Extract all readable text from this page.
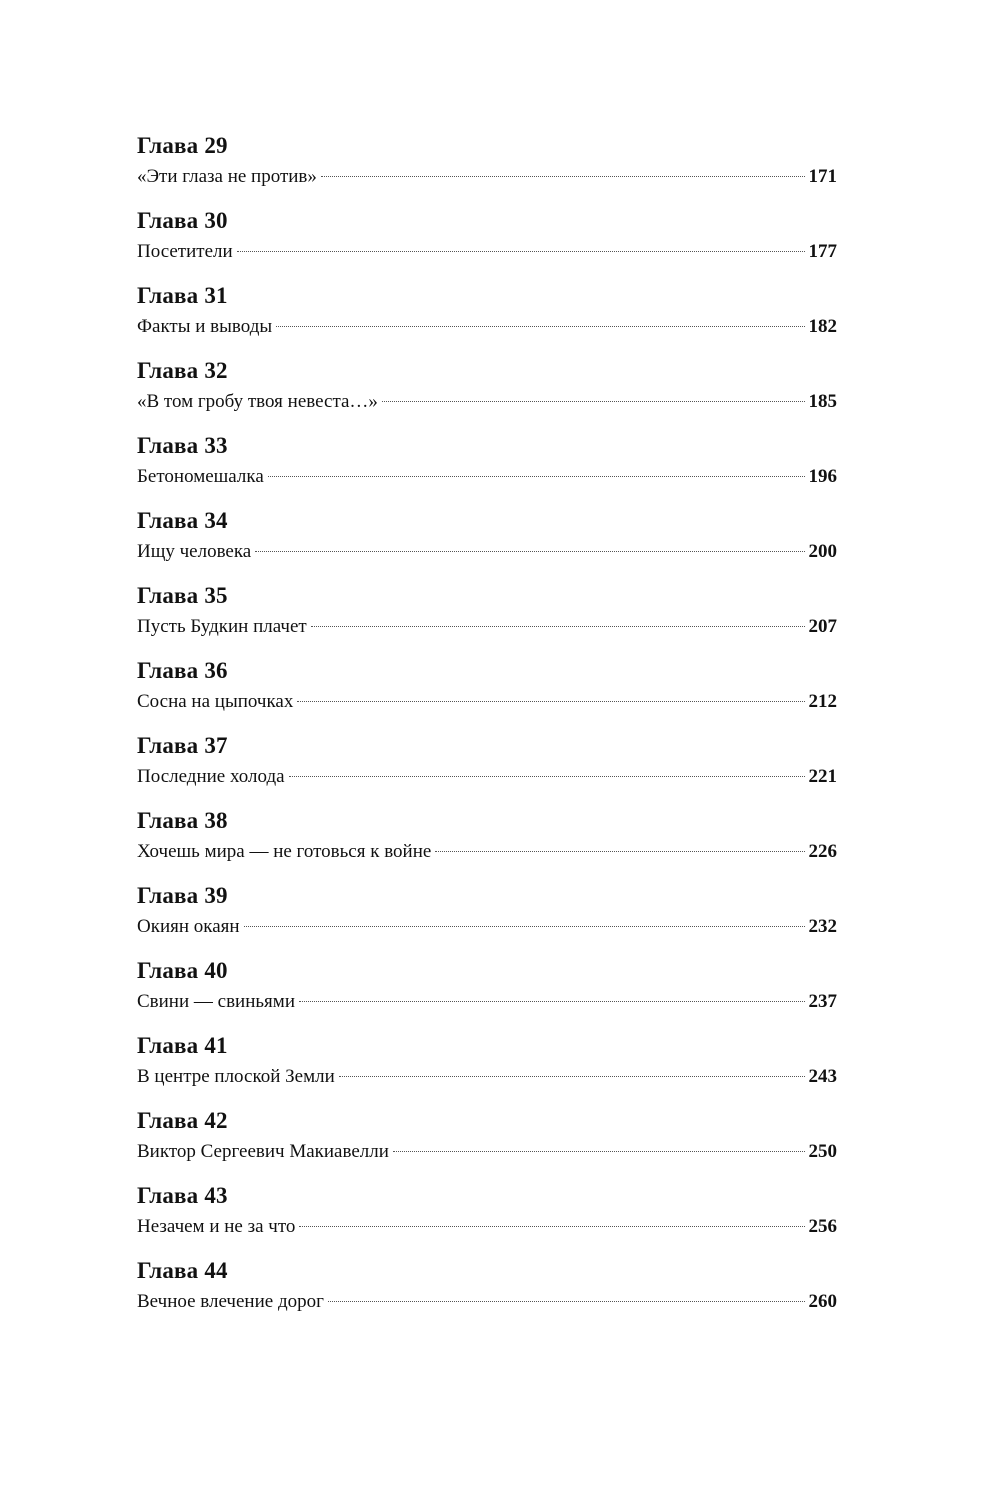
Глава 29
«Эти глаза не против»	171
Глава 30
Посетители	177
Глава 31
Факты и выводы	182
Глава 32
«В том гробу твоя невеста…»	185
Глава 33
Бетономешалка	196
Глава 34
Ищу человека	200
Глава 35
Пусть Будкин плачет	207
Глава 36
Сосна на цыпочках	212
Глава 37
Последние холода	221
Глава 38
Хочешь мира — не готовься к войне	226
Глава 39
Окиян окаян	232
Глава 40
Свини — свиньями	237
Глава 41
В центре плоской Земли	243
Глава 42
Виктор Сергеевич Макиавелли	250
Глава 43
Незачем и не за что	256
Глава 44
Вечное влечение дорог	260
